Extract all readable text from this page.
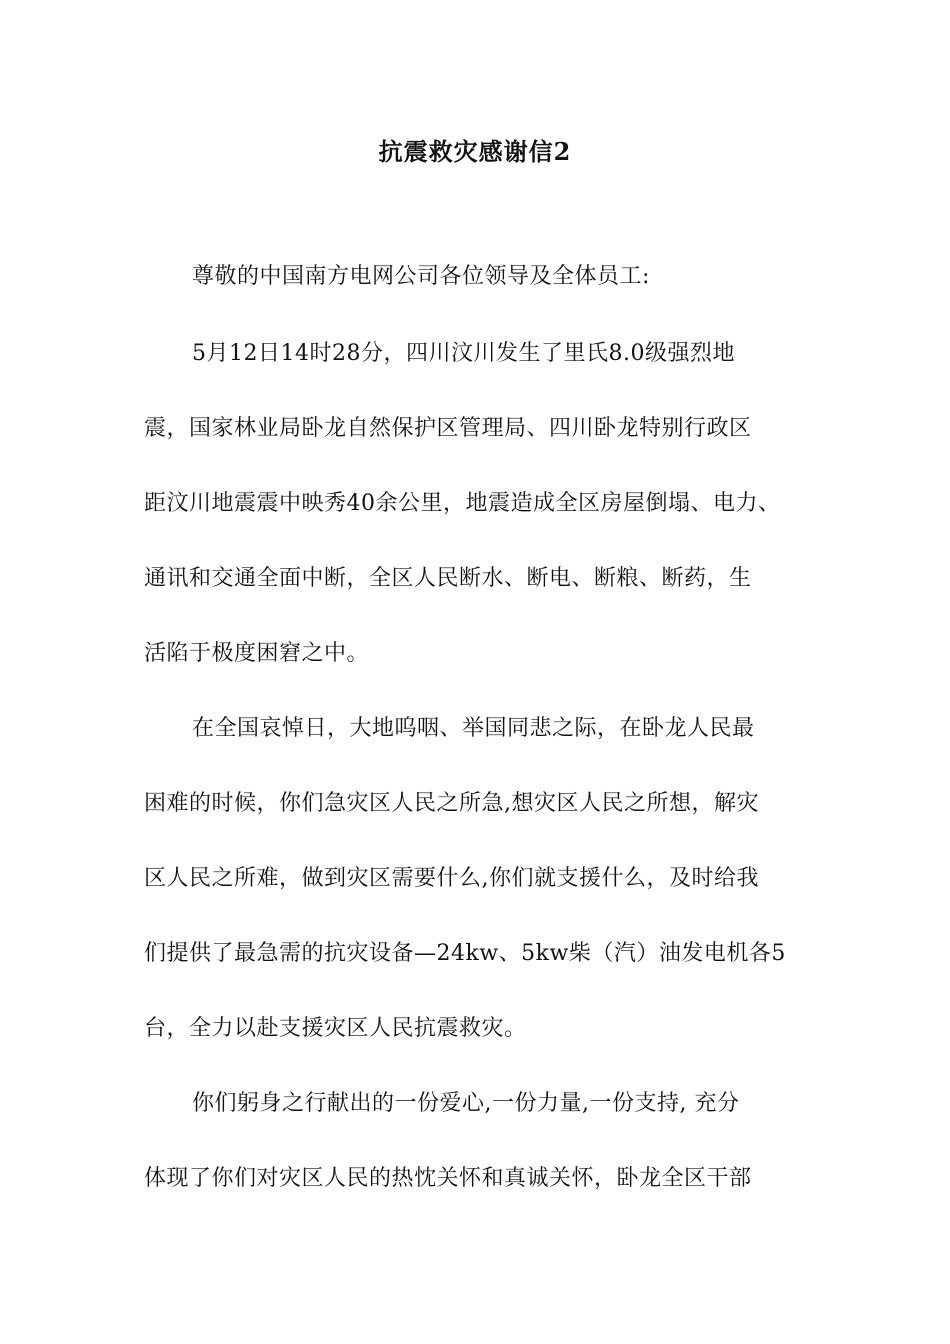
抗震救灾感谢信2
尊敬的中国南方电网公司各位领导及全体员工:
5月12日14时28分，四川汶川发生了里氏8.0级强烈地
震，国家林业局卧龙自然保护区管理局、四川卧龙特别行政区
距汶川地震震中映秀40余公里，地震造成全区房屋倒塌、电力、
通讯和交通全面中断，全区人民断水、断电、断粮、断药，生
活陷于极度困窘之中。
在全国哀悼日，大地呜咽、举国同悲之际，在卧龙人民最
困难的时候，你们急灾区人民之所急,想灾区人民之所想，解灾
区人民之所难，做到灾区需要什么,你们就支援什么，及时给我
们提供了最急需的抗灾设备—24kw、5kw柴（汽）油发电机各5
台，全力以赴支援灾区人民抗震救灾。
你们躬身之行献出的一份爱心,一份力量,一份支持, 充分
体现了你们对灾区人民的热忱关怀和真诚关怀，卧龙全区干部
